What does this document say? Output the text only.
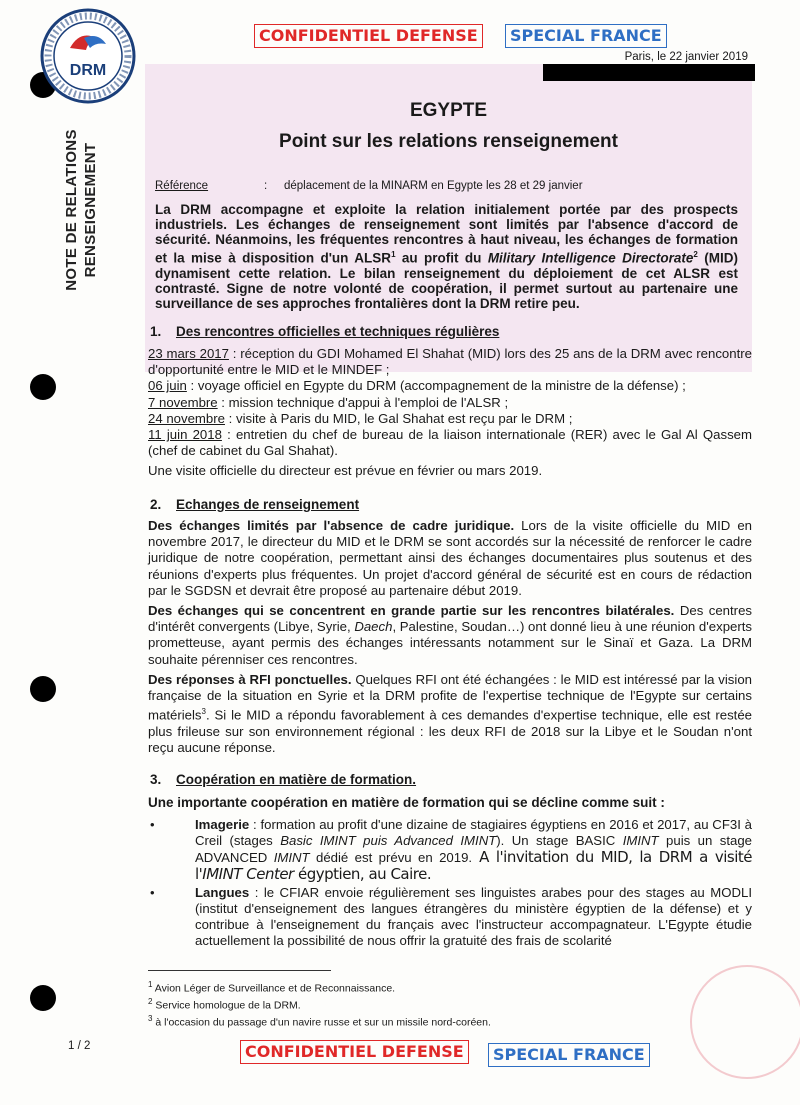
DRM
CONFIDENTIEL DEFENSE	SPECIAL FRANCE
Paris, le 22 janvier 2019
NOTE DE RELATIONS RENSEIGNEMENT
EGYPTE
Point sur les relations renseignement
Référence	: déplacement de la MINARM en Egypte les 28 et 29 janvier
La DRM accompagne et exploite la relation initialement portée par des prospects industriels. Les échanges de renseignement sont limités par l'absence d'accord de sécurité. Néanmoins, les fréquentes rencontres à haut niveau, les échanges de formation et la mise à disposition d'un ALSR$^1$ au profit du Military Intelligence Directorate$^2$ (MID) dynamisent cette relation. Le bilan renseignement du déploiement de cet ALSR est contrasté. Signe de notre volonté de coopération, il permet surtout au partenaire une surveillance de ses approches frontalières dont la DRM retire peu.
1. Des rencontres officielles et techniques régulières
23 mars 2017 : réception du GDI Mohamed El Shahat (MID) lors des 25 ans de la DRM avec rencontre d'opportunité entre le MID et le MINDEF ;
06 juin : voyage officiel en Egypte du DRM (accompagnement de la ministre de la défense) ;
7 novembre : mission technique d'appui à l'emploi de l'ALSR ;
24 novembre : visite à Paris du MID, le Gal Shahat est reçu par le DRM ;
11 juin 2018 : entretien du chef de bureau de la liaison internationale (RER) avec le Gal Al Qassem (chef de cabinet du Gal Shahat).
Une visite officielle du directeur est prévue en février ou mars 2019.
2. Echanges de renseignement

Des échanges limités par l'absence de cadre juridique. Lors de la visite officielle du MID en novembre 2017, le directeur du MID et le DRM se sont accordés sur la nécessité de renforcer le cadre juridique de notre coopération, permettant ainsi des échanges documentaires plus soutenus et des réunions d'experts plus fréquentes. Un projet d'accord général de sécurité est en cours de rédaction par le SGDSN et devrait être proposé au partenaire début 2019.

Des échanges qui se concentrent en grande partie sur les rencontres bilatérales. Des centres d'intérêt convergents (Libye, Syrie, Daech, Palestine, Soudan…) ont donné lieu à une réunion d'experts prometteuse, ayant permis des échanges intéressants notamment sur le Sinaï et Gaza. La DRM souhaite pérenniser ces rencontres.

Des réponses à RFI ponctuelles. Quelques RFI ont été échangées : le MID est intéressé par la vision française de la situation en Syrie et la DRM profite de l'expertise technique de l'Egypte sur certains matériels$^3$. Si le MID a répondu favorablement à ces demandes d'expertise technique, elle est restée plus frileuse sur son environnement régional : les deux RFI de 2018 sur la Libye et le Soudan n'ont reçu aucune réponse.

3. Coopération en matière de formation.
Une importante coopération en matière de formation qui se décline comme suit :
•	Imagerie : formation au profit d'une dizaine de stagiaires égyptiens en 2016 et 2017, au CF3I à Creil (stages Basic IMINT puis Advanced IMINT). Un stage BASIC IMINT puis un stage ADVANCED IMINT dédié est prévu en 2019. A l'invitation du MID, la DRM a visité l'IMINT Center égyptien, au Caire.
•	Langues : le CFIAR envoie régulièrement ses linguistes arabes pour des stages au MODLI (institut d'enseignement des langues étrangères du ministère égyptien de la défense) et y contribue à l'enseignement du français avec l'instructeur accompagnateur. L'Egypte étudie actuellement la possibilité de nous offrir la gratuité des frais de scolarité
$^1$ Avion Léger de Surveillance et de Reconnaissance.
$^2$ Service homologue de la DRM.
$^3$ à l'occasion du passage d'un navire russe et sur un missile nord-coréen.
1 / 2	CONFIDENTIEL DEFENSE	SPECIAL FRANCE
